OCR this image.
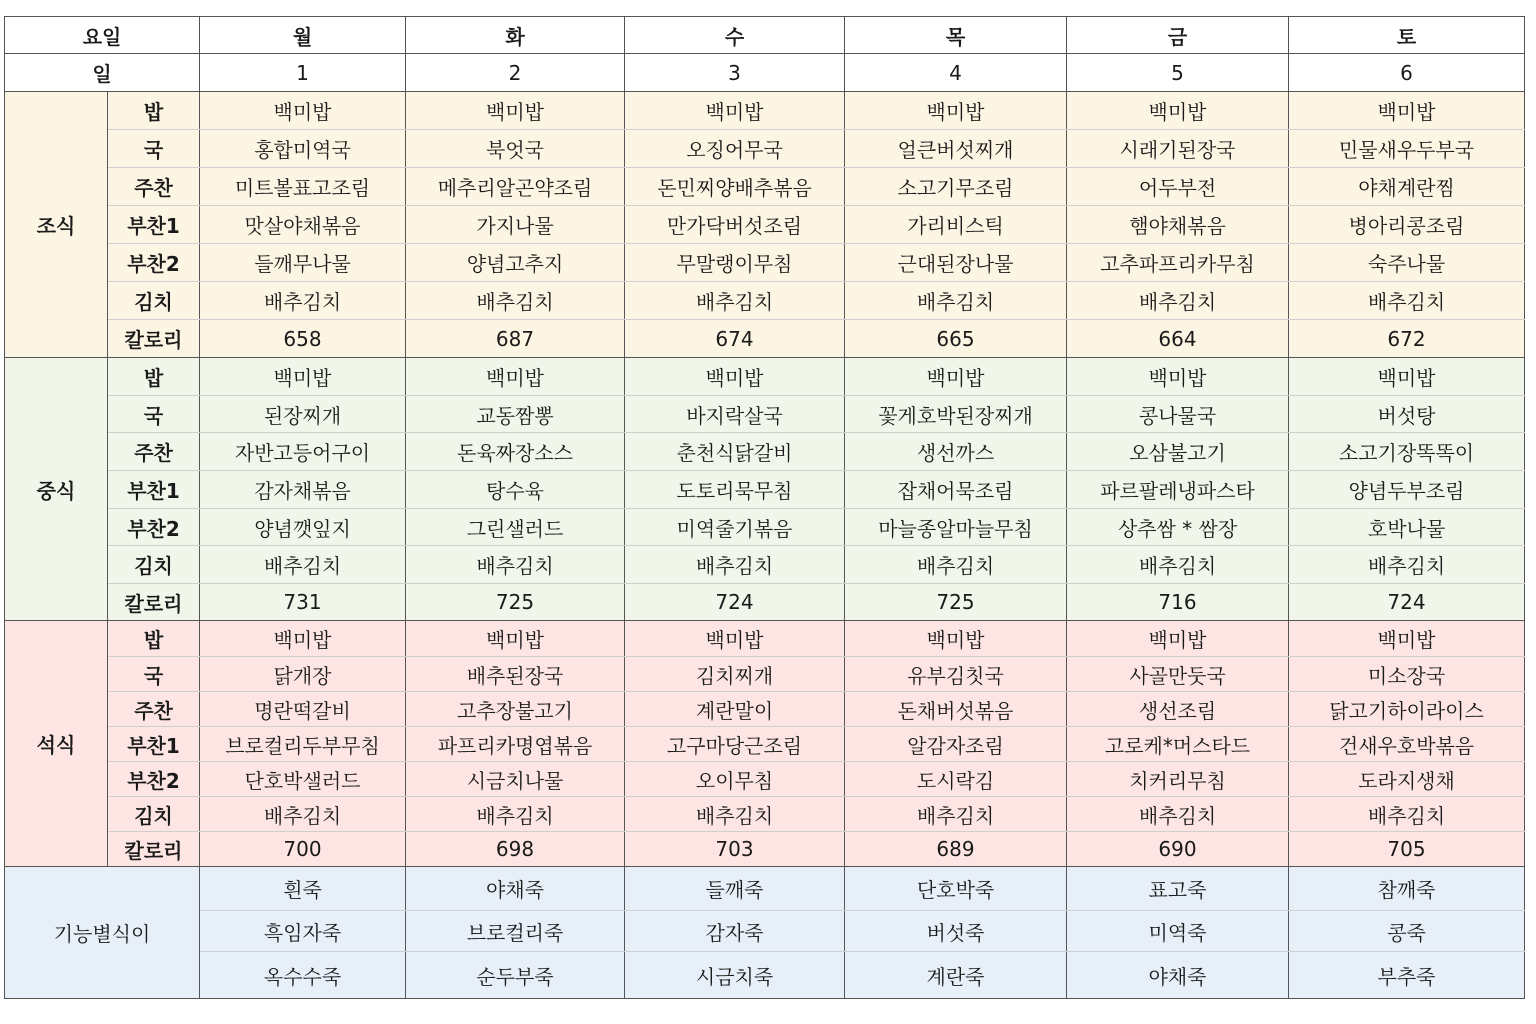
요일		월	화	수	목	금	토
일		1	2	3	4	5	6
조식	밥	백미밥	백미밥	백미밥	백미밥	백미밥	백미밥
	국	홍합미역국	북엇국	오징어무국	얼큰버섯찌개	시래기된장국	민물새우두부국
	주찬	미트볼표고조림	메추리알곤약조림	돈민찌양배추볶음	소고기무조림	어두부전	야채계란찜
	부찬1	맛살야채볶음	가지나물	만가닥버섯조림	가리비스틱	햄야채볶음	병아리콩조림
	부찬2	들깨무나물	양념고추지	무말랭이무침	근대된장나물	고추파프리카무침	숙주나물
	김치	배추김치	배추김치	배추김치	배추김치	배추김치	배추김치
	칼로리	658	687	674	665	664	672
중식	밥	백미밥	백미밥	백미밥	백미밥	백미밥	백미밥
	국	된장찌개	교동짬뽕	바지락살국	꽃게호박된장찌개	콩나물국	버섯탕
	주찬	자반고등어구이	돈육짜장소스	춘천식닭갈비	생선까스	오삼불고기	소고기장똑똑이
	부찬1	감자채볶음	탕수육	도토리묵무침	잡채어묵조림	파르팔레냉파스타	양념두부조림
	부찬2	양념깻잎지	그린샐러드	미역줄기볶음	마늘종알마늘무침	상추쌈 * 쌈장	호박나물
	김치	배추김치	배추김치	배추김치	배추김치	배추김치	배추김치
	칼로리	731	725	724	725	716	724
석식	밥	백미밥	백미밥	백미밥	백미밥	백미밥	백미밥
	국	닭개장	배추된장국	김치찌개	유부김칫국	사골만둣국	미소장국
	주찬	명란떡갈비	고추장불고기	계란말이	돈채버섯볶음	생선조림	닭고기하이라이스
	부찬1	브로컬리두부무침	파프리카명엽볶음	고구마당근조림	알감자조림	고로케*머스타드	건새우호박볶음
	부찬2	단호박샐러드	시금치나물	오이무침	도시락김	치커리무침	도라지생채
	김치	배추김치	배추김치	배추김치	배추김치	배추김치	배추김치
	칼로리	700	698	703	689	690	705
기능별식이		흰죽	야채죽	들깨죽	단호박죽	표고죽	참깨죽
		흑임자죽	브로컬리죽	감자죽	버섯죽	미역죽	콩죽
		옥수수죽	순두부죽	시금치죽	계란죽	야채죽	부추죽
